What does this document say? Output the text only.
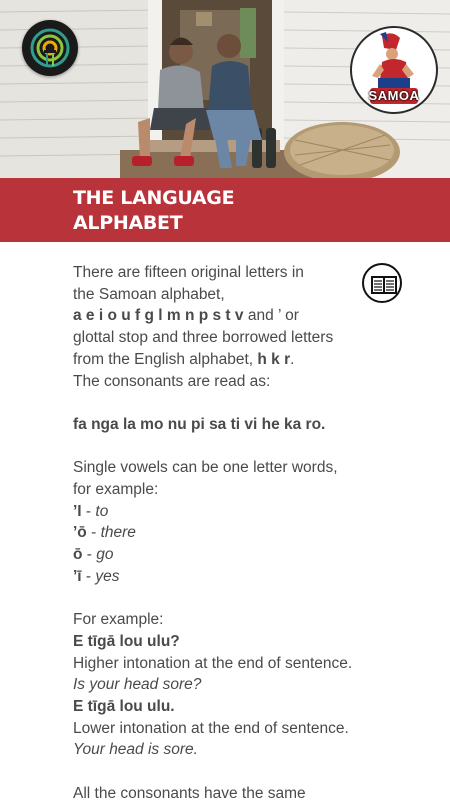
SAMOA
THE LANGUAGE
ALPHABET

There are fifteen original letters in

the Samoan alphabet,

a e i o u f g l m n p s t v and ’ or

glottal stop and three borrowed letters

from the English alphabet, h k r.

The consonants are read as:

fa nga la mo nu pi sa ti vi he ka ro.

Single vowels can be one letter words,

for example:

’I - to

’ō - there

ō - go

’ī - yes

For example:

E tīgā lou ulu?

Higher intonation at the end of sentence.

Is your head sore?

E tīgā lou ulu.

Lower intonation at the end of sentence.

Your head is sore.

All the consonants have the same
